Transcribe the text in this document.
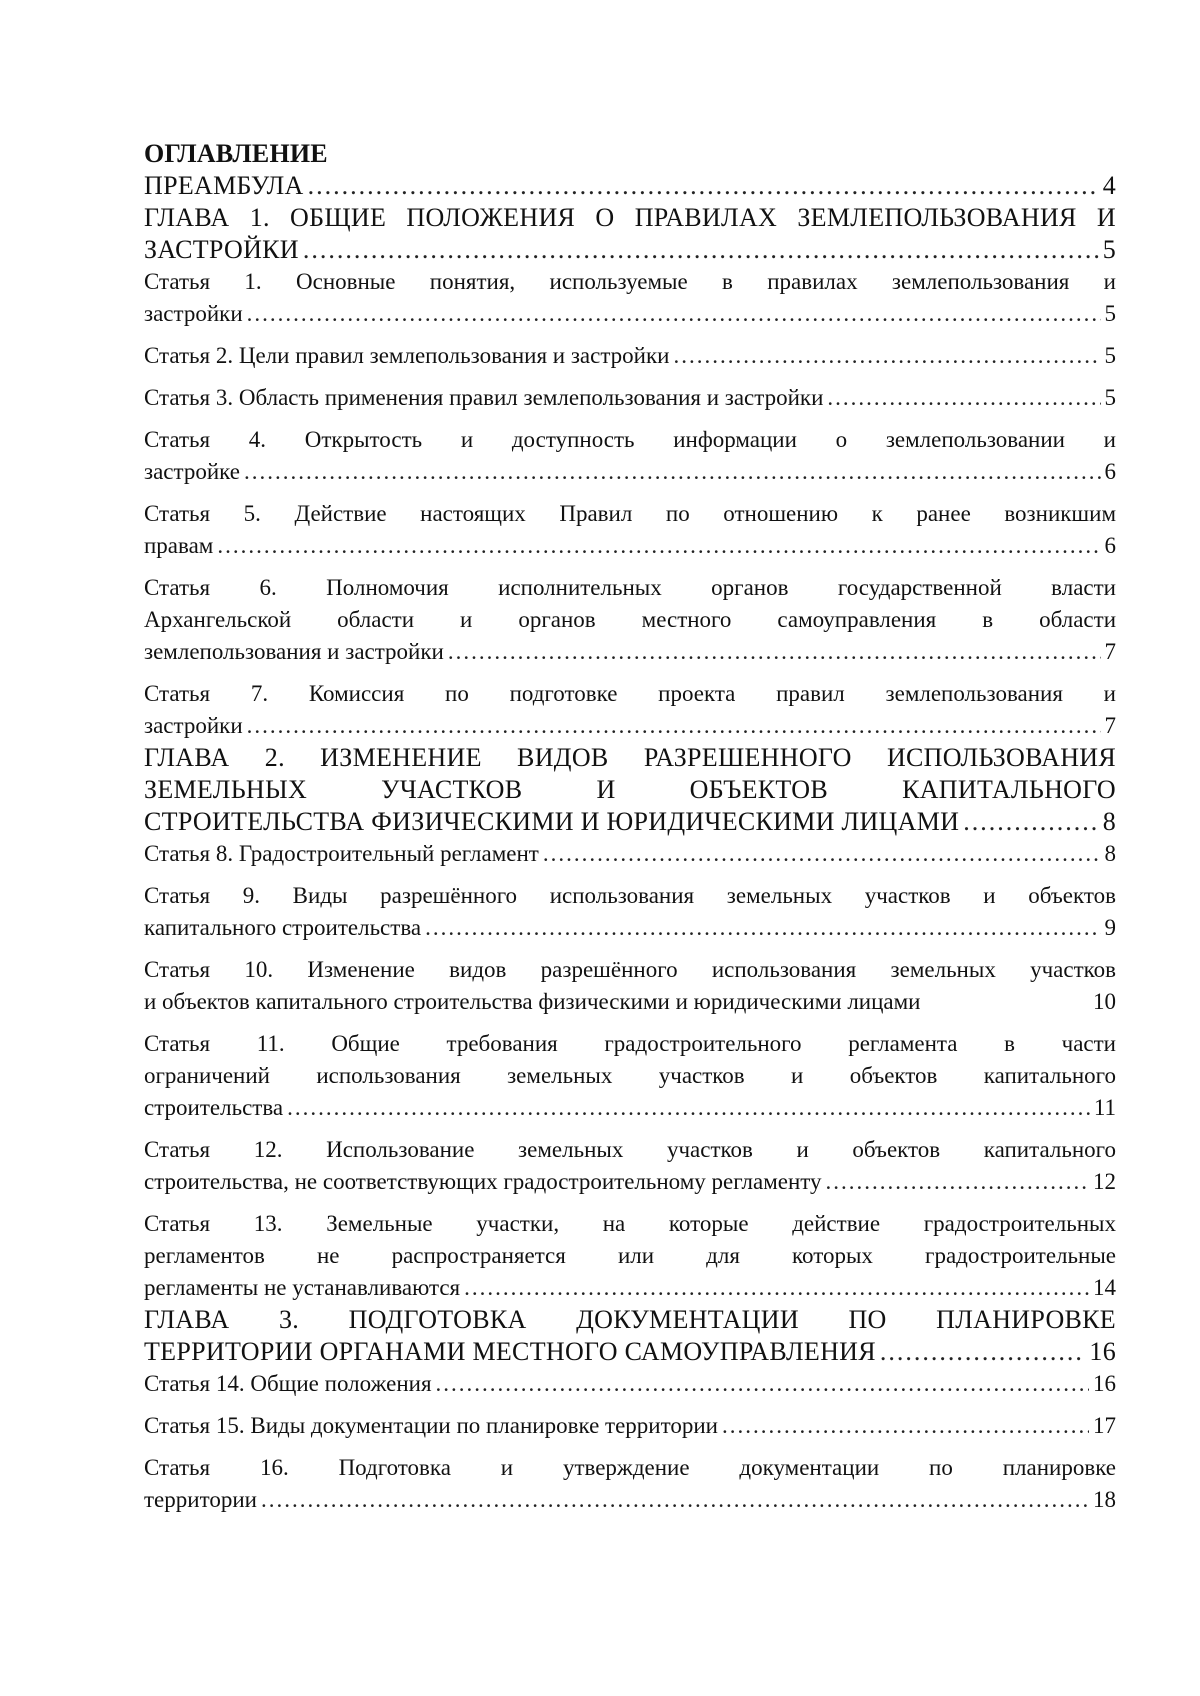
ОГЛАВЛЕНИЕ
ПРЕАМБУЛА .....	4
ГЛАВА 1. ОБЩИЕ ПОЛОЖЕНИЯ О ПРАВИЛАХ ЗЕМЛЕПОЛЬЗОВАНИЯ И
ЗАСТРОЙКИ .....	5
Статья 1. Основные понятия, используемые в правилах землепользования и
застройки .....	5
Статья 2. Цели правил землепользования и застройки .....	5
Статья 3. Область применения правил землепользования и застройки .....	5
Статья 4. Открытость и доступность информации о землепользовании и
застройке .....	6
Статья 5. Действие настоящих Правил по отношению к ранее возникшим
правам .....	6
Статья 6. Полномочия исполнительных органов государственной власти
Архангельской области и органов местного самоуправления в области
землепользования и застройки .....	7
Статья 7. Комиссия по подготовке проекта правил землепользования и
застройки .....	7
ГЛАВА 2. ИЗМЕНЕНИЕ ВИДОВ РАЗРЕШЕННОГО ИСПОЛЬЗОВАНИЯ
ЗЕМЕЛЬНЫХ УЧАСТКОВ И ОБЪЕКТОВ КАПИТАЛЬНОГО
СТРОИТЕЛЬСТВА ФИЗИЧЕСКИМИ И ЮРИДИЧЕСКИМИ ЛИЦАМИ .....	8
Статья 8. Градостроительный регламент .....	8
Статья 9. Виды разрешённого использования земельных участков и объектов
капитального строительства .....	9
Статья 10. Изменение видов разрешённого использования земельных участков
и объектов капитального строительства физическими и юридическими лицами	10
Статья 11. Общие требования градостроительного регламента в части
ограничений использования земельных участков и объектов капитального
строительства .....	11
Статья 12. Использование земельных участков и объектов капитального
строительства, не соответствующих градостроительному регламенту .....	12
Статья 13. Земельные участки, на которые действие градостроительных
регламентов не распространяется или для которых градостроительные
регламенты не устанавливаются .....	14
ГЛАВА 3. ПОДГОТОВКА ДОКУМЕНТАЦИИ ПО ПЛАНИРОВКЕ
ТЕРРИТОРИИ ОРГАНАМИ МЕСТНОГО САМОУПРАВЛЕНИЯ .....	16
Статья 14. Общие положения .....	16
Статья 15. Виды документации по планировке территории .....	17
Статья 16. Подготовка и утверждение документации по планировке
территории .....	18
